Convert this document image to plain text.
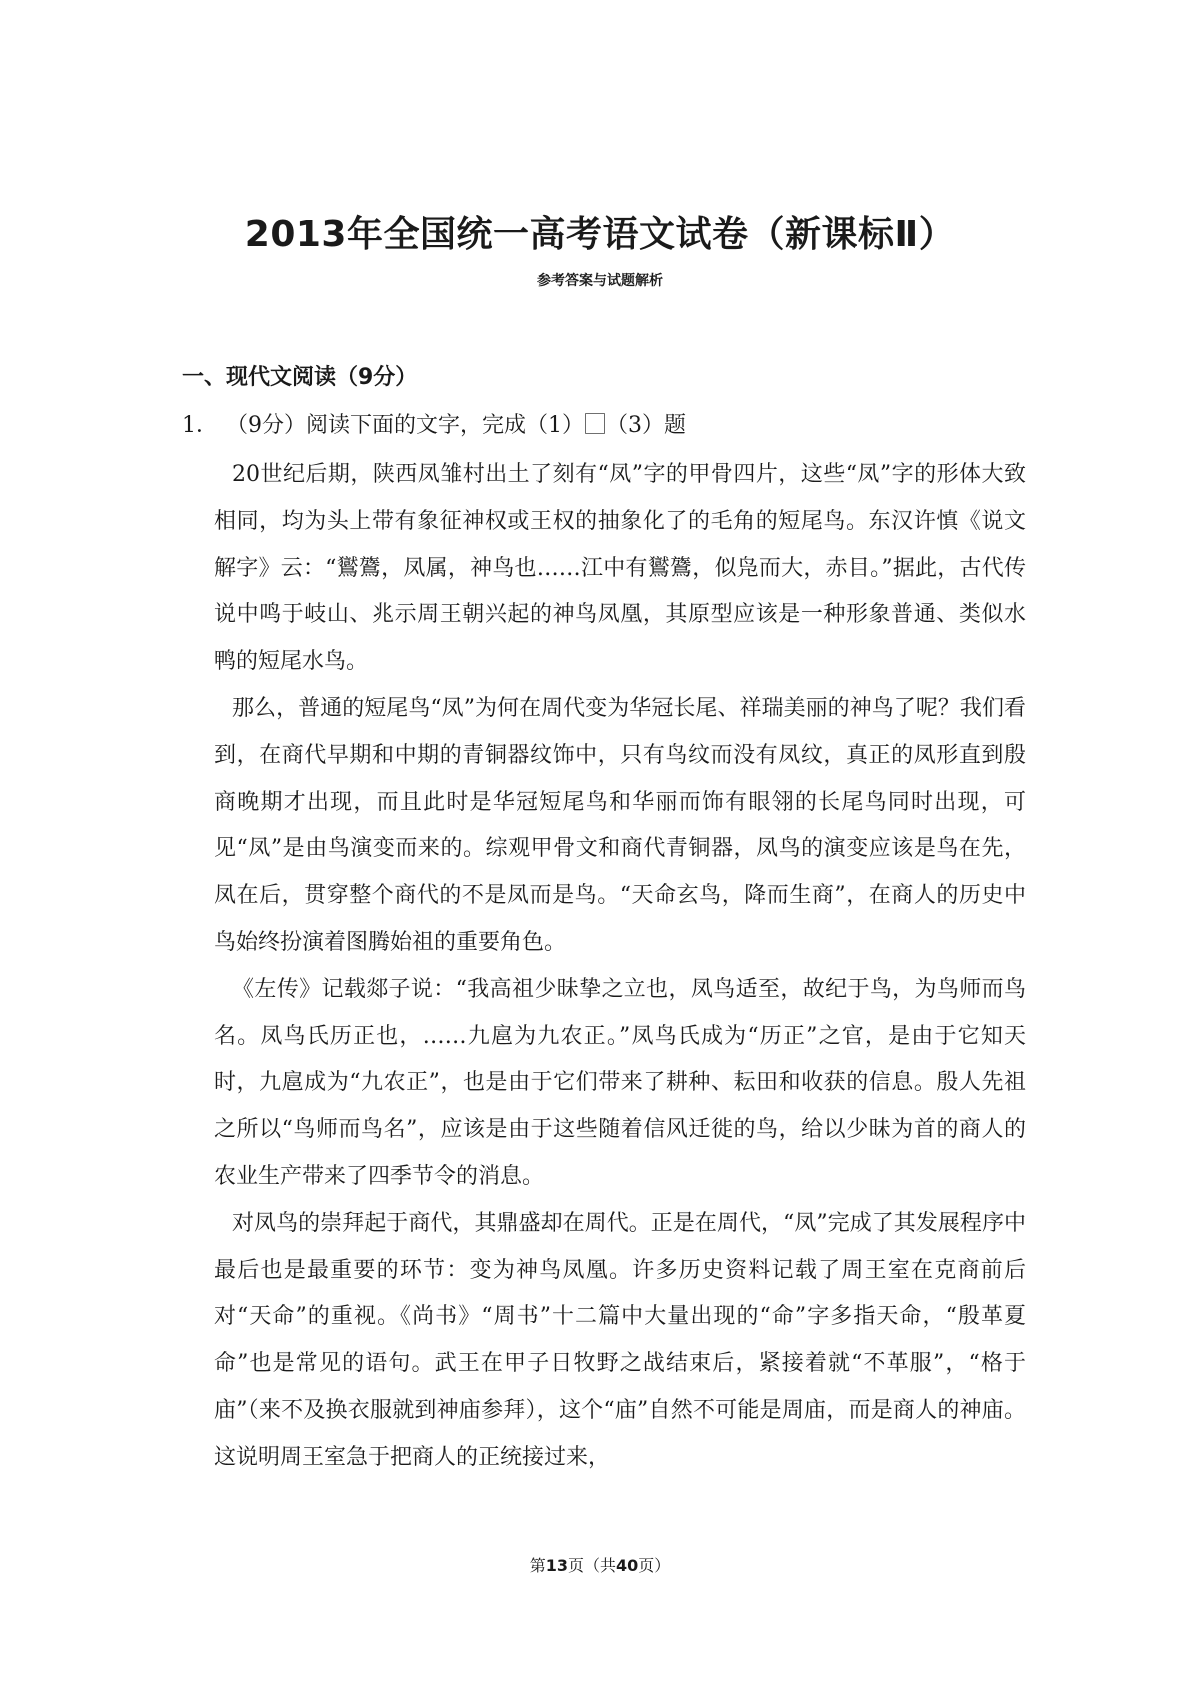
2013年全国统一高考语文试卷（新课标Ⅱ）
参考答案与试题解析
一、现代文阅读（9分）
1． （9分）阅读下面的文字，完成（1）⃞（3）题

20世纪后期，陕西凤雏村出土了刻有“凤”字的甲骨四片，这些“凤”字的形体大致相同，均为头上带有象征神权或王权的抽象化了的毛角的短尾鸟。东汉许慎《说文解字》云：“鸑鷟，凤属，神鸟也……江中有鸑鷟，似凫而大，赤目。”据此，古代传说中鸣于岐山、兆示周王朝兴起的神鸟凤凰，其原型应该是一种形象普通、类似水鸭的短尾水鸟。

那么，普通的短尾鸟“凤”为何在周代变为华冠长尾、祥瑞美丽的神鸟了呢？我们看到，在商代早期和中期的青铜器纹饰中，只有鸟纹而没有凤纹，真正的凤形直到殷商晚期才出现，而且此时是华冠短尾鸟和华丽而饰有眼翎的长尾鸟同时出现，可见“凤”是由鸟演变而来的。综观甲骨文和商代青铜器，凤鸟的演变应该是鸟在先，凤在后，贯穿整个商代的不是凤而是鸟。“天命玄鸟，降而生商”，在商人的历史中鸟始终扮演着图腾始祖的重要角色。

《左传》记载郯子说：“我高祖少昧挚之立也，凤鸟适至，故纪于鸟，为鸟师而鸟名。凤鸟氏历正也，……九扈为九农正。”凤鸟氏成为“历正”之官，是由于它知天时，九扈成为“九农正”，也是由于它们带来了耕种、耘田和收获的信息。殷人先祖之所以“鸟师而鸟名”，应该是由于这些随着信风迁徙的鸟，给以少昧为首的商人的农业生产带来了四季节令的消息。

对凤鸟的崇拜起于商代，其鼎盛却在周代。正是在周代，“凤”完成了其发展程序中最后也是最重要的环节：变为神鸟凤凰。许多历史资料记载了周王室在克商前后对“天命”的重视。《尚书》“周书”十二篇中大量出现的“命”字多指天命，“殷革夏命”也是常见的语句。武王在甲子日牧野之战结束后，紧接着就“不革服”，“格于庙”（来不及换衣服就到神庙参拜），这个“庙”自然不可能是周庙，而是商人的神庙。这说明周王室急于把商人的正统接过来，

第13页（共40页）
